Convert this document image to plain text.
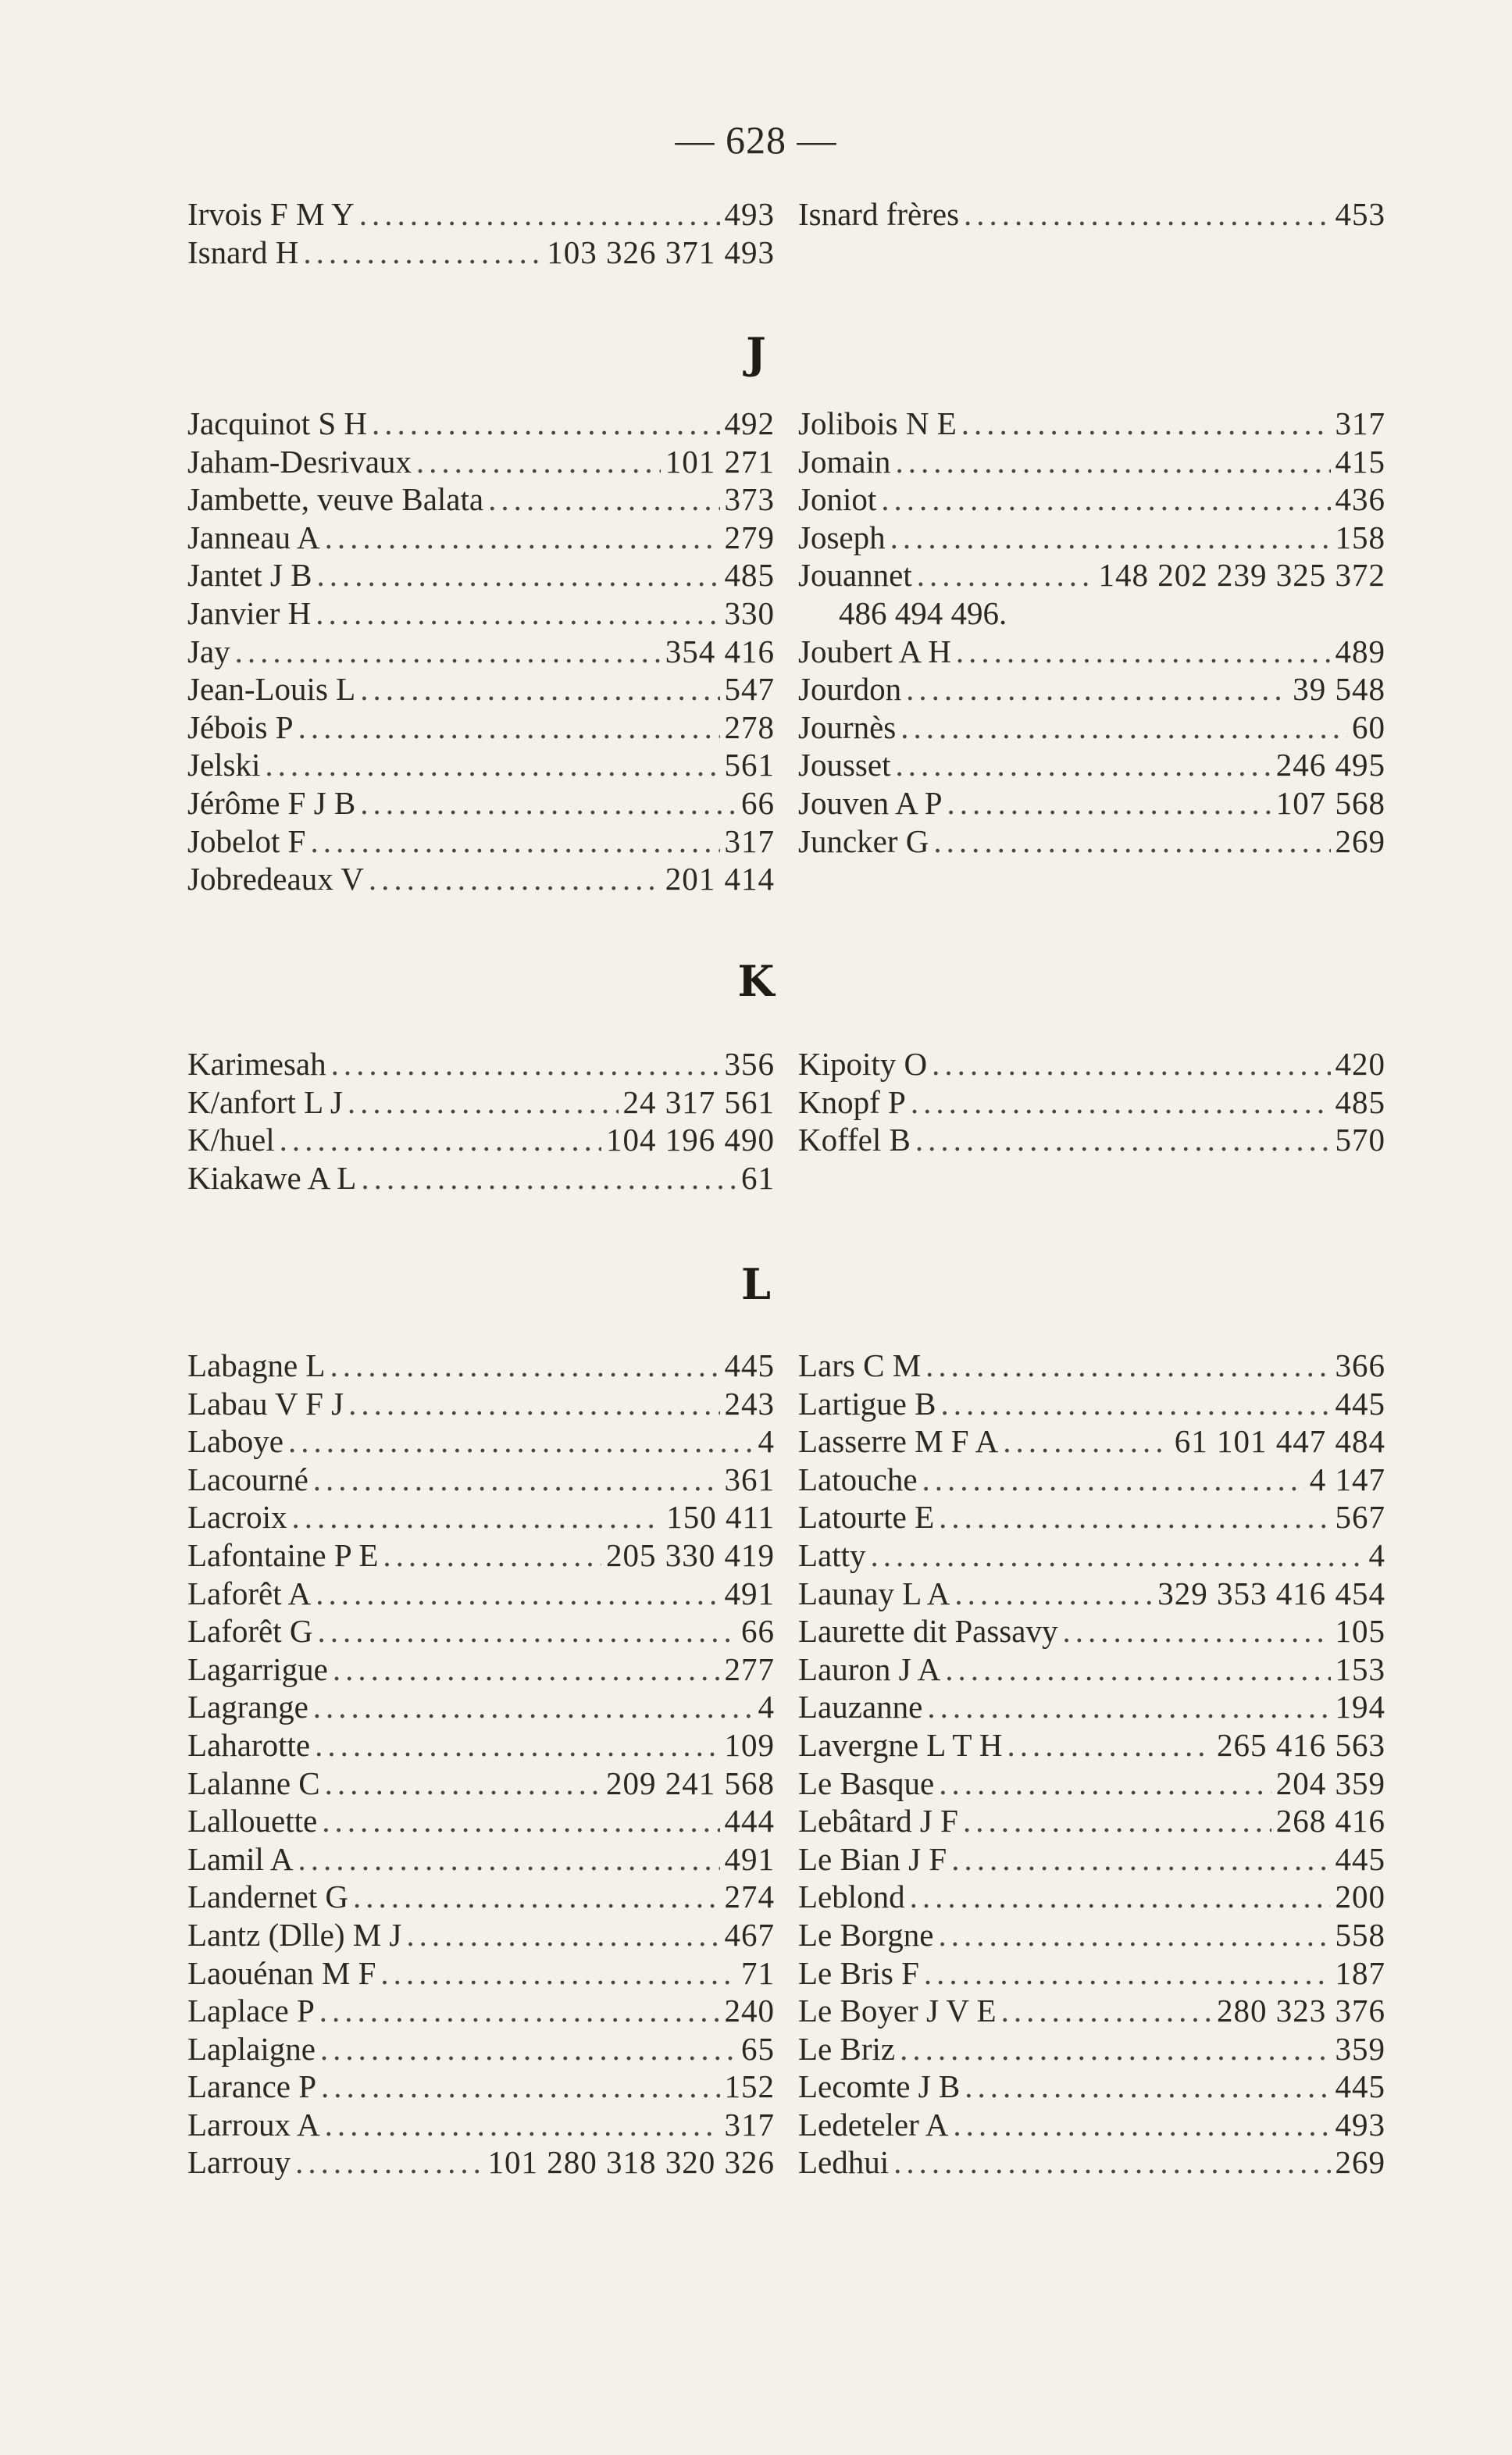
— 628 —
Irvois F M Y .....	493
Isnard H .....	103 326 371 493
Isnard frères .....	453
J
Jacquinot S H .....	492
Jaham-Desrivaux .....	101 271
Jambette, veuve Balata .....	373
Janneau A .....	279
Jantet J B .....	485
Janvier H .....	330
Jay .....	354 416
Jean-Louis L .....	547
Jébois P .....	278
Jelski .....	561
Jérôme F J B .....	66
Jobelot F .....	317
Jobredeaux V .....	201 414
Jolibois N E .....	317
Jomain .....	415
Joniot .....	436
Joseph .....	158
Jouannet .....	148 202 239 325 372
486 494 496.
Joubert A H .....	489
Jourdon .....	39 548
Journès .....	60
Jousset .....	246 495
Jouven A P .....	107 568
Juncker G .....	269
K
Karimesah .....	356
K/anfort L J .....	24 317 561
K/huel .....	104 196 490
Kiakawe A L .....	61
Kipoity O .....	420
Knopf P .....	485
Koffel B .....	570
L
Labagne L .....	445
Labau V F J .....	243
Laboye .....	4
Lacourné .....	361
Lacroix .....	150 411
Lafontaine P E .....	205 330 419
Laforêt A .....	491
Laforêt G .....	66
Lagarrigue .....	277
Lagrange .....	4
Laharotte .....	109
Lalanne C .....	209 241 568
Lallouette .....	444
Lamil A .....	491
Landernet G .....	274
Lantz (Dlle) M J .....	467
Laouénan M F .....	71
Laplace P .....	240
Laplaigne .....	65
Larance P .....	152
Larroux A .....	317
Larrouy .....	101 280 318 320 326
Lars C M .....	366
Lartigue B .....	445
Lasserre M F A .....	61 101 447 484
Latouche .....	4 147
Latourte E .....	567
Latty .....	4
Launay L A .....	329 353 416 454
Laurette dit Passavy .....	105
Lauron J A .....	153
Lauzanne .....	194
Lavergne L T H .....	265 416 563
Le Basque .....	204 359
Lebâtard J F .....	268 416
Le Bian J F .....	445
Leblond .....	200
Le Borgne .....	558
Le Bris F .....	187
Le Boyer J V E .....	280 323 376
Le Briz .....	359
Lecomte J B .....	445
Ledeteler A .....	493
Ledhui .....	269
